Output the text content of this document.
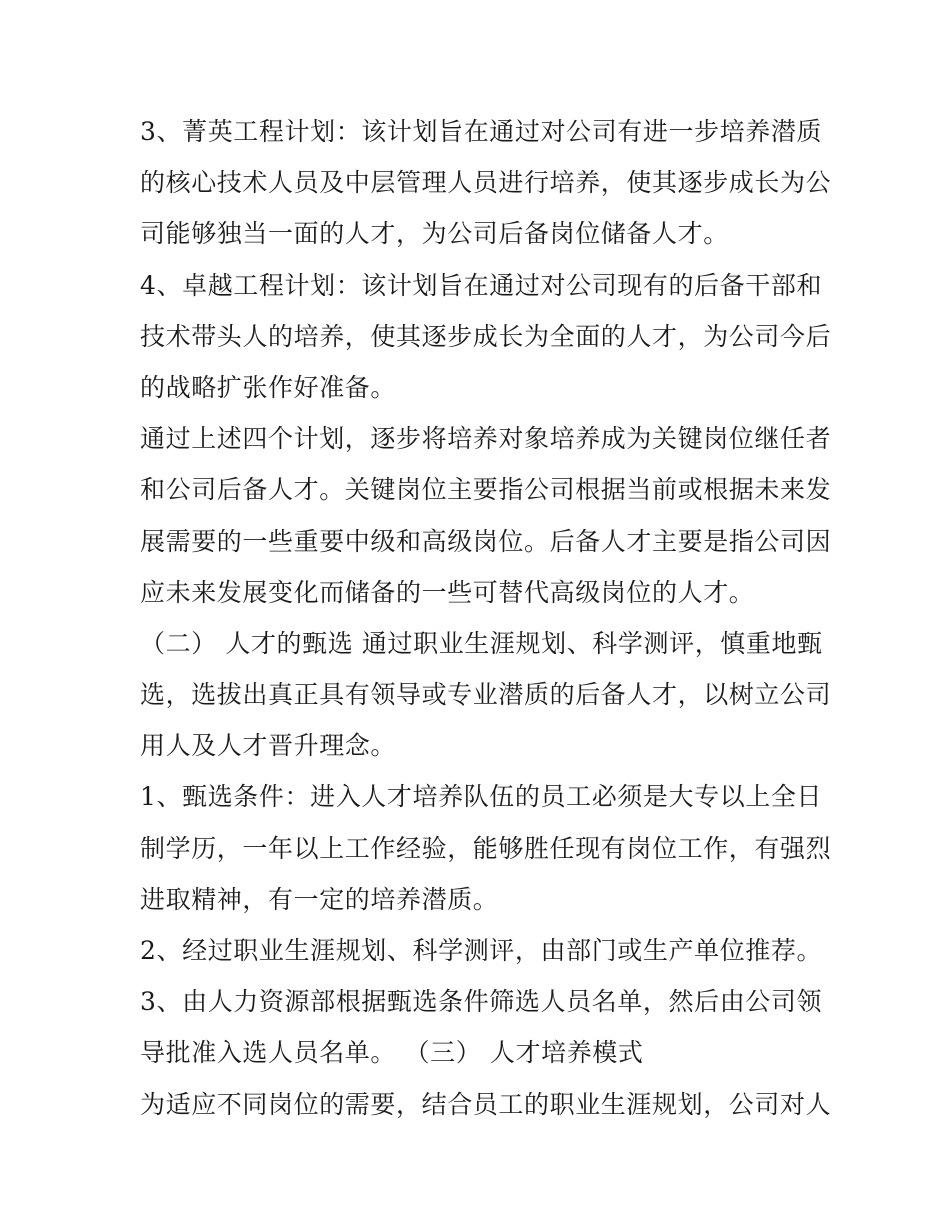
3、菁英工程计划：该计划旨在通过对公司有进一步培养潜质
的核心技术人员及中层管理人员进行培养，使其逐步成长为公
司能够独当一面的人才，为公司后备岗位储备人才。
4、卓越工程计划：该计划旨在通过对公司现有的后备干部和
技术带头人的培养，使其逐步成长为全面的人才，为公司今后
的战略扩张作好准备。
通过上述四个计划，逐步将培养对象培养成为关键岗位继任者
和公司后备人才。关键岗位主要指公司根据当前或根据未来发
展需要的一些重要中级和高级岗位。后备人才主要是指公司因
应未来发展变化而储备的一些可替代高级岗位的人才。
（二） 人才的甄选 通过职业生涯规划、科学测评，慎重地甄
选，选拔出真正具有领导或专业潜质的后备人才，以树立公司
用人及人才晋升理念。
1、甄选条件：进入人才培养队伍的员工必须是大专以上全日
制学历，一年以上工作经验，能够胜任现有岗位工作，有强烈
进取精神，有一定的培养潜质。
2、经过职业生涯规划、科学测评，由部门或生产单位推荐。
3、由人力资源部根据甄选条件筛选人员名单，然后由公司领
导批准入选人员名单。 （三） 人才培养模式
为适应不同岗位的需要，结合员工的职业生涯规划，公司对人
